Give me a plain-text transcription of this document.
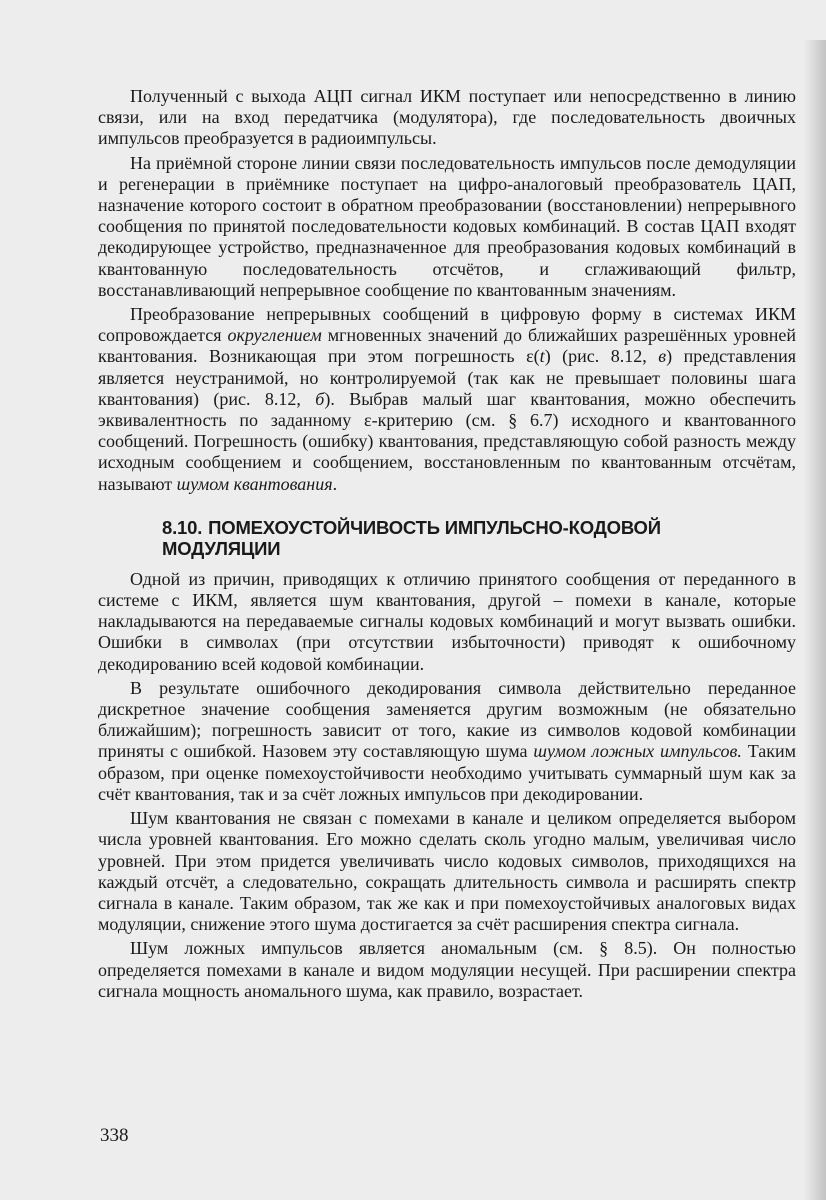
Полученный с выхода АЦП сигнал ИКМ поступает или непосредственно в линию связи, или на вход передатчика (модулятора), где последовательность двоичных импульсов преобразуется в радиоимпульсы.

На приёмной стороне линии связи последовательность импульсов после демодуляции и регенерации в приёмнике поступает на цифро-аналоговый преобразователь ЦАП, назначение которого состоит в обратном преобразовании (восстановлении) непрерывного сообщения по принятой последовательности кодовых комбинаций. В состав ЦАП входят декодирующее устройство, предназначенное для преобразования кодовых комбинаций в квантованную последовательность отсчётов, и сглаживающий фильтр, восстанавливающий непрерывное сообщение по квантованным значениям.

Преобразование непрерывных сообщений в цифровую форму в системах ИКМ сопровождается округлением мгновенных значений до ближайших разрешённых уровней квантования. Возникающая при этом погрешность ε(t) (рис. 8.12, в) представления является неустранимой, но контролируемой (так как не превышает половины шага квантования) (рис. 8.12, б). Выбрав малый шаг квантования, можно обеспечить эквивалентность по заданному ε-критерию (см. § 6.7) исходного и квантованного сообщений. Погрешность (ошибку) квантования, представляющую собой разность между исходным сообщением и сообщением, восстановленным по квантованным отсчётам, называют шумом квантования.

8.10. ПОМЕХОУСТОЙЧИВОСТЬ ИМПУЛЬСНО-КОДОВОЙ
МОДУЛЯЦИИ

Одной из причин, приводящих к отличию принятого сообщения от переданного в системе с ИКМ, является шум квантования, другой – помехи в канале, которые накладываются на передаваемые сигналы кодовых комбинаций и могут вызвать ошибки. Ошибки в символах (при отсутствии избыточности) приводят к ошибочному декодированию всей кодовой комбинации.

В результате ошибочного декодирования символа действительно переданное дискретное значение сообщения заменяется другим возможным (не обязательно ближайшим); погрешность зависит от того, какие из символов кодовой комбинации приняты с ошибкой. Назовем эту составляющую шума шумом ложных импульсов. Таким образом, при оценке помехоустойчивости необходимо учитывать суммарный шум как за счёт квантования, так и за счёт ложных импульсов при декодировании.

Шум квантования не связан с помехами в канале и целиком определяется выбором числа уровней квантования. Его можно сделать сколь угодно малым, увеличивая число уровней. При этом придется увеличивать число кодовых символов, приходящихся на каждый отсчёт, а следовательно, сокращать длительность символа и расширять спектр сигнала в канале. Таким образом, так же как и при помехоустойчивых аналоговых видах модуляции, снижение этого шума достигается за счёт расширения спектра сигнала.

Шум ложных импульсов является аномальным (см. § 8.5). Он полностью определяется помехами в канале и видом модуляции несущей. При расширении спектра сигнала мощность аномального шума, как правило, возрастает.

338
